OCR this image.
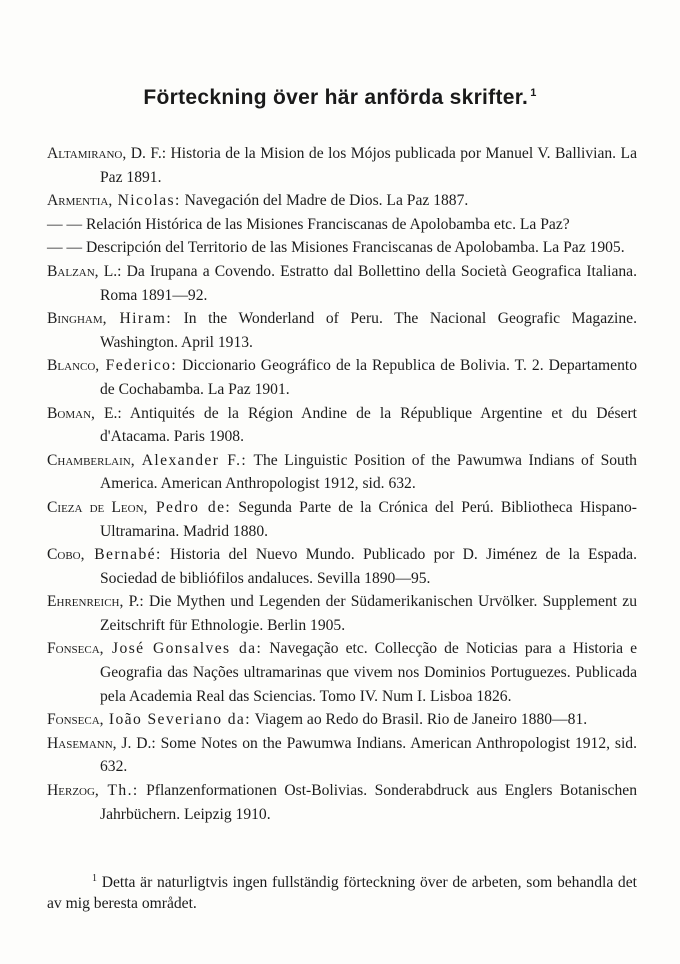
Förteckning över här anförda skrifter. $^1$

Altamirano, D. F.: Historia de la Mision de los Mójos publicada por Manuel V. Ballivian. La Paz 1891.

Armentia, Nicolas: Navegación del Madre de Dios. La Paz 1887.

— — Relación Histórica de las Misiones Franciscanas de Apolobamba etc. La Paz?

— — Descripción del Territorio de las Misiones Franciscanas de Apolobamba. La Paz 1905.

Balzan, L.: Da Irupana a Covendo. Estratto dal Bollettino della Società Geografica Italiana. Roma 1891—92.

Bingham, Hiram: In the Wonderland of Peru. The Nacional Geografic Magazine. Washington. April 1913.

Blanco, Federico: Diccionario Geográfico de la Republica de Bolivia. T. 2. Departamento de Cochabamba. La Paz 1901.

Boman, E.: Antiquités de la Région Andine de la République Argentine et du Désert d'Atacama. Paris 1908.

Chamberlain, Alexander F.: The Linguistic Position of the Pawumwa Indians of South America. American Anthropologist 1912, sid. 632.

Cieza de Leon, Pedro de: Segunda Parte de la Crónica del Perú. Bibliotheca Hispano-Ultramarina. Madrid 1880.

Cobo, Bernabé: Historia del Nuevo Mundo. Publicado por D. Jiménez de la Espada. Sociedad de bibliófilos andaluces. Sevilla 1890—95.

Ehrenreich, P.: Die Mythen und Legenden der Südamerikanischen Urvölker. Supplement zu Zeitschrift für Ethnologie. Berlin 1905.

Fonseca, José Gonsalves da: Navegação etc. Collecção de Noticias para a Historia e Geografia das Nações ultramarinas que vivem nos Dominios Portuguezes. Publicada pela Academia Real das Sciencias. Tomo IV. Num I. Lisboa 1826.

Fonseca, Ioão Severiano da: Viagem ao Redo do Brasil. Rio de Janeiro 1880—81.

Hasemann, J. D.: Some Notes on the Pawumwa Indians. American Anthropologist 1912, sid. 632.

Herzog, Th.: Pflanzenformationen Ost-Bolivias. Sonderabdruck aus Englers Botanischen Jahrbüchern. Leipzig 1910.

$^1$ Detta är naturligtvis ingen fullständig förteckning över de arbeten, som behandla det av mig beresta området.
